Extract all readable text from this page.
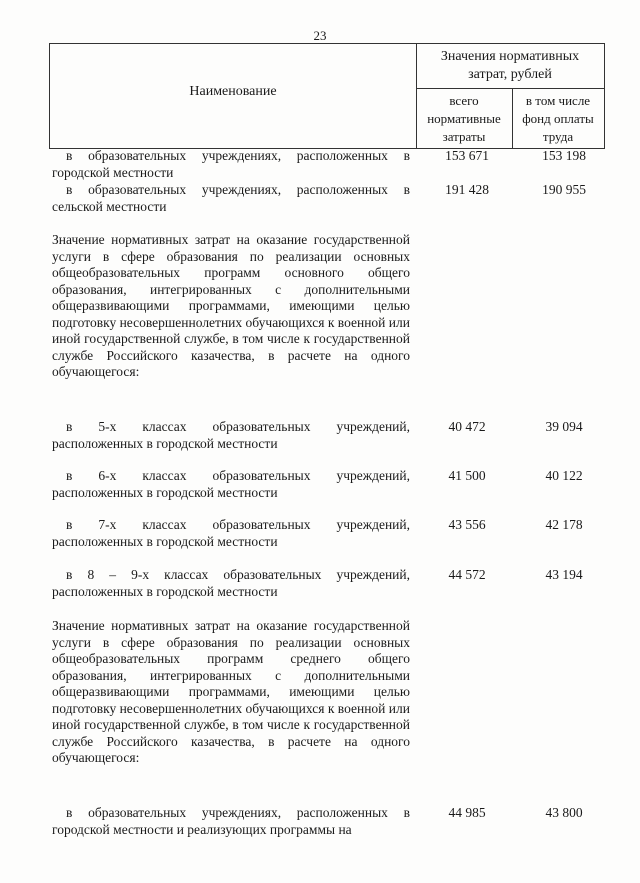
23
Наименование
Значения нормативных затрат, рублей
всего нормативные затраты
в том числе фонд оплаты труда
в образовательных учреждениях, расположенных в городской местности
153 671	153 198
в образовательных учреждениях, расположенных в сельской местности
191 428	190 955
Значение нормативных затрат на оказание государственной услуги в сфере образования по реализации основных общеобразовательных программ основного общего образования, интегрированных с дополнительными общеразвивающими программами, имеющими целью подготовку несовершеннолетних обучающихся к военной или иной государственной службе, в том числе к государственной службе Российского казачества, в расчете на одного обучающегося:
в 5-х классах образовательных учреждений, расположенных в городской местности
40 472	39 094
в 6-х классах образовательных учреждений, расположенных в городской местности
41 500	40 122
в 7-х классах образовательных учреждений, расположенных в городской местности
43 556	42 178
в 8 – 9-х классах образовательных учреждений, расположенных в городской местности
44 572	43 194
Значение нормативных затрат на оказание государственной услуги в сфере образования по реализации основных общеобразовательных программ среднего общего образования, интегрированных с дополнительными общеразвивающими программами, имеющими целью подготовку несовершеннолетних обучающихся к военной или иной государственной службе, в том числе к государственной службе Российского казачества, в расчете на одного обучающегося:
в образовательных учреждениях, расположенных в городской местности и реализующих программы на
44 985	43 800
